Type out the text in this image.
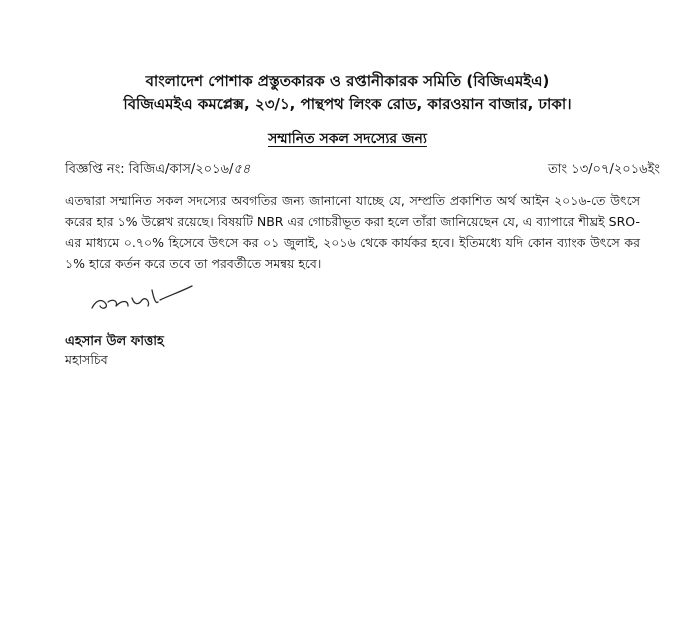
বাংলাদেশ পোশাক প্রস্তুতকারক ও রপ্তানীকারক সমিতি (বিজিএমইএ)
বিজিএমইএ কমপ্লেক্স, ২৩/১, পান্থপথ লিংক রোড, কারওয়ান বাজার, ঢাকা।
সম্মানিত সকল সদস্যের জন্য
বিজ্ঞপ্তি নং: বিজিএ/কাস/২০১৬/৫৪	তাং ১৩/০৭/২০১৬ইং
এতদ্বারা সম্মানিত সকল সদস্যের অবগতির জন্য জানানো যাচ্ছে যে, সম্প্রতি প্রকাশিত অর্থ আইন ২০১৬-তে উৎসে করের হার ১% উল্লেখ রয়েছে। বিষয়টি NBR এর গোচরীভূত করা হলে তাঁরা জানিয়েছেন যে, এ ব্যাপারে শীঘ্রই SRO-এর মাধ্যমে ০.৭০% হিসেবে উৎসে কর ০১ জুলাই, ২০১৬ থেকে কার্যকর হবে। ইতিমধ্যে যদি কোন ব্যাংক উৎসে কর ১% হারে কর্তন করে তবে তা পরবর্তীতে সমন্বয় হবে।
এহসান উল ফাত্তাহ
মহাসচিব
